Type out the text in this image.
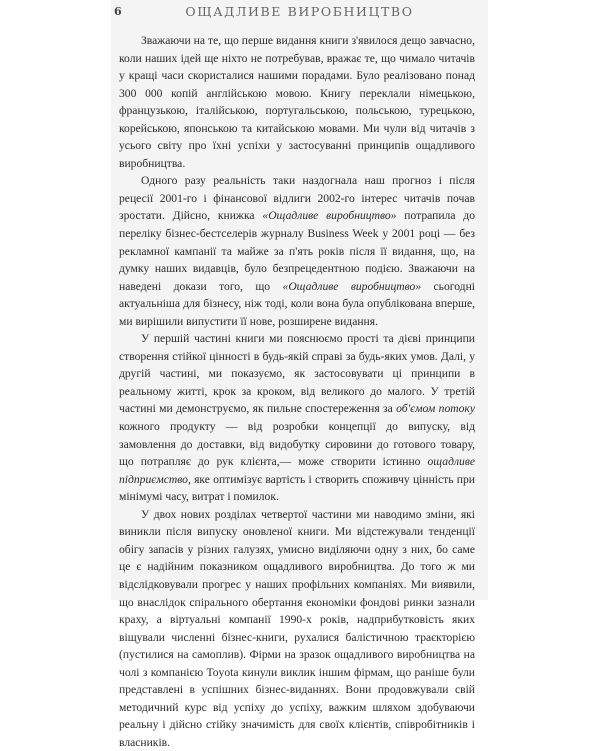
6	ОЩАДЛИВЕ ВИРОБНИЦТВО

Зважаючи на те, що перше видання книги з'явилося дещо завчасно, коли наших ідей ще ніхто не потребував, вражає те, що чимало читачів у кращі часи скористалися нашими порадами. Було реалізовано понад 300 000 копій англійською мовою. Книгу переклали німецькою, французькою, італійською, португальською, польською, турецькою, корейською, японською та китайською мовами. Ми чули від читачів з усього світу про їхні успіхи у застосуванні принципів ощадливого виробництва.

Одного разу реальність таки наздогнала наш прогноз і після рецесії 2001-го і фінансової відлиги 2002-го інтерес читачів почав зростати. Дійсно, книжка «Ощадливе виробництво» потрапила до переліку бізнес-бестселерів журналу Business Week у 2001 році — без рекламної кампанії та майже за п'ять років після її видання, що, на думку наших видавців, було безпрецедентною подією. Зважаючи на наведені докази того, що «Ощадливе виробництво» сьогодні актуальніша для бізнесу, ніж тоді, коли вона була опублікована вперше, ми вирішили випустити її нове, розширене видання.

У першій частині книги ми пояснюємо прості та дієві принципи створення стійкої цінності в будь-якій справі за будь-яких умов. Далі, у другій частині, ми показуємо, як застосовувати ці принципи в реальному житті, крок за кроком, від великого до малого. У третій частині ми демонструємо, як пильне спостереження за об'ємом потоку кожного продукту — від розробки концепції до випуску, від замовлення до доставки, від видобутку сировини до готового товару, що потрапляє до рук клієнта,— може створити істинно ощадливе підприємство, яке оптимізує вартість і створить споживчу цінність при мінімумі часу, витрат і помилок.

У двох нових розділах четвертої частини ми наводимо зміни, які виникли після випуску оновленої книги. Ми відстежували тенденції обігу запасів у різних галузях, умисно виділяючи одну з них, бо саме це є надійним показником ощадливого виробництва. До того ж ми відслідковували прогрес у наших профільних компаніях. Ми виявили, що внаслідок спірального обертання економіки фондові ринки зазнали краху, а віртуальні компанії 1990-х років, надприбутковість яких віщували численні бізнес-книги, рухалися балістичною траєкторією (пустилися на самоплив). Фірми на зразок ощадливого виробництва на чолі з компанією Toyota кинули виклик іншим фірмам, що раніше були представлені в успішних бізнес-виданнях. Вони продовжували свій методичний курс від успіху до успіху, важким шляхом здобуваючи реальну і дійсно стійку значимість для своїх клієнтів, співробітників і власників.
